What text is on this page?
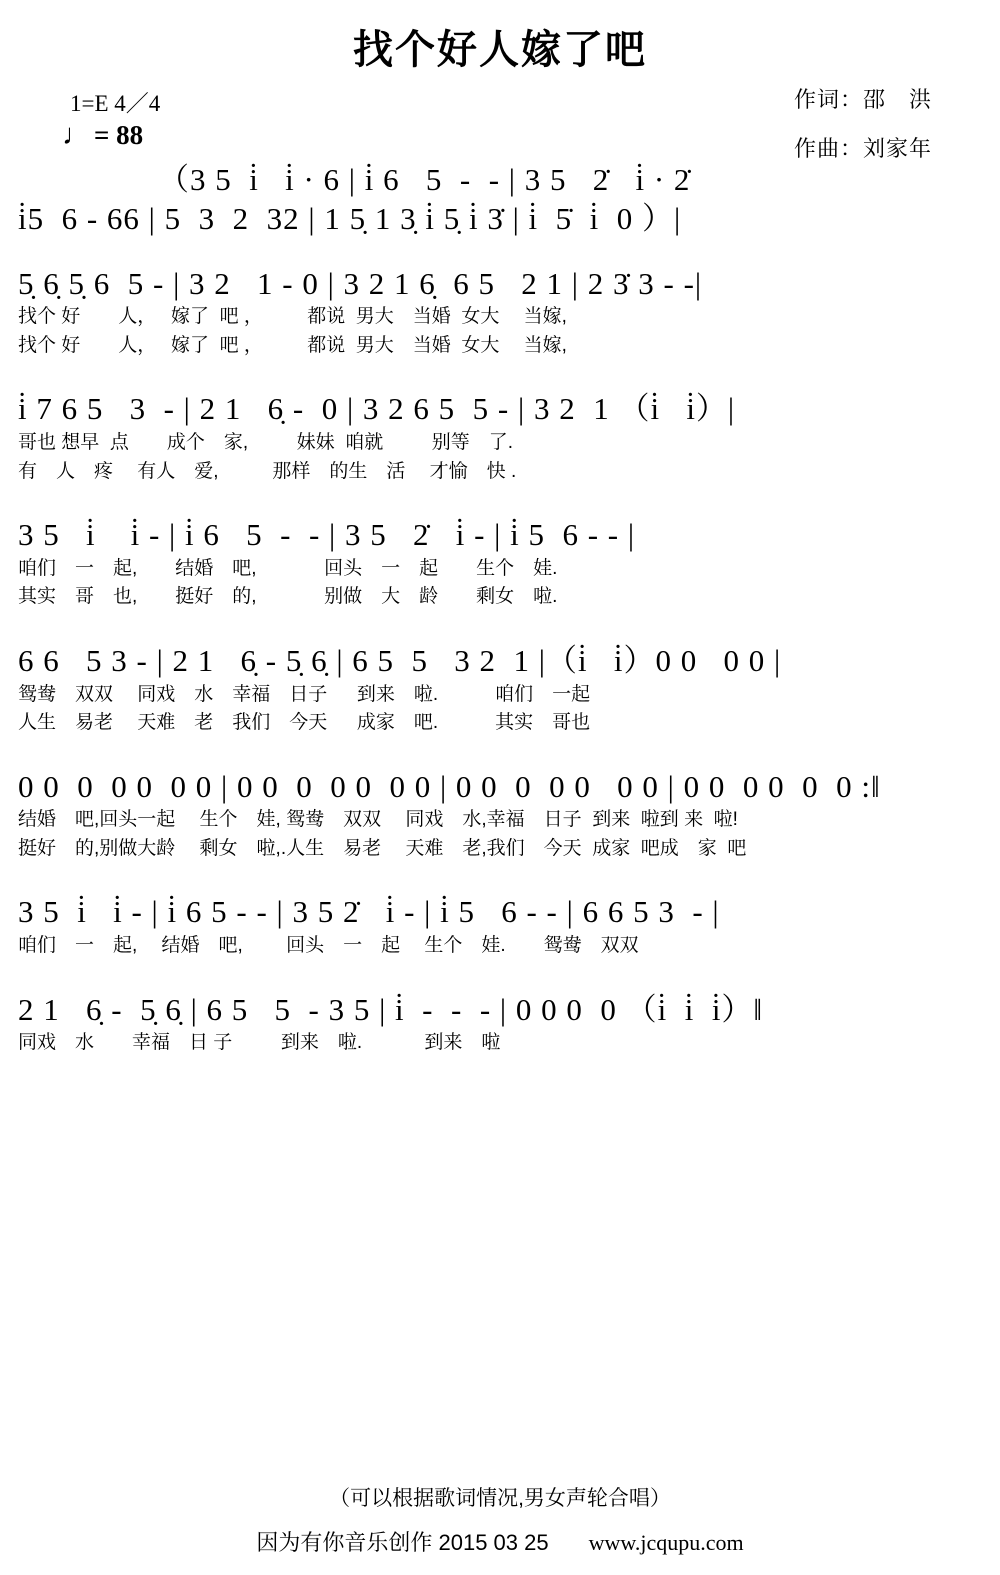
找个好人嫁了吧
1=E 4／4
♩ = 88
作词：邵　洪
作曲：刘家年
（3 5  i̇   i̇ · 6 | i̇ 6   5  -  - | 3 5   2̇   i̇ · 2̇
i̇5  6 - 66 | 5  3  2  32 | 1 5̣ 1 3̣ i̇ 5̣ i̇ 3̇ | i̇  5̇  i̇  0 ）|
5̣ 6̣ 5̣ 6  5 - | 3 2   1 - 0 | 3 2 1 6̣  6 5   2 1 | 2 3̇ 3 - -|
找个 好　　人，　 嫁了  吧 ，　　   都说  男大　当婚  女大　 当嫁,
找个 好　　人，　 嫁了  吧 ，　　   都说  男大　当婚  女大　 当嫁,
i̇ 7 6 5   3  - | 2 1   6̣ -  0 | 3 2 6 5  5 - | 3 2  1 （i̇   i̇）|
哥也 想早  点　　成个　家,　　  妹妹  咱就　　  别等　了.
有　人　疼　 有人　爱,　　   那样　的生　活　 才愉　快 .
3 5   i̇    i̇ - | i̇ 6   5  -  - | 3 5   2̇   i̇ - | i̇ 5  6 - - |
咱们　一　起,　　结婚　吧,　　　  回头　一　起　　生个　娃.
其实　哥　也,　　挺好　的,　　　  别做　大　龄　　剩女　啦.
6 6   5 3 - | 2 1   6̣ - 5̣ 6̣ | 6 5  5   3 2  1 |（i̇   i̇）0 0   0 0 |
鸳鸯　双双　 同戏　水　幸福　日子　  到来　啦.　　　咱们　一起
人生　易老　 天难　老　我们　今天　  成家　吧.　　　其实　哥也
0 0  0  0 0  0 0 | 0 0  0  0 0  0 0 | 0 0  0  0 0   0 0 | 0 0  0 0  0  0 :‖
结婚　吧,回头一起　 生个　娃, 鸳鸯　双双　 同戏　水,幸福　日子  到来  啦到 来  啦!
挺好　的,别做大龄　 剩女　啦,.人生　易老　 天难　老,我们　今天  成家  吧成　家  吧
3 5  i̇   i̇ - | i̇ 6 5 - - | 3 5 2̇   i̇ - | i̇ 5   6 - - | 6 6 5 3  - |
咱们　一　起,　 结婚　吧,　　 回头　一　起　 生个　娃.　　鸳鸯　双双
2 1   6̣ -  5̣ 6̣ | 6 5   5  - 3 5 | i̇  -  -  - | 0 0 0  0 （i̇  i̇  i̇）‖
同戏　水　　幸福　日 子　　  到来　啦.　　　 到来　啦
（可以根据歌词情况,男女声轮合唱）
因为有你音乐创作 2015 03 25 www.jcqupu.com
